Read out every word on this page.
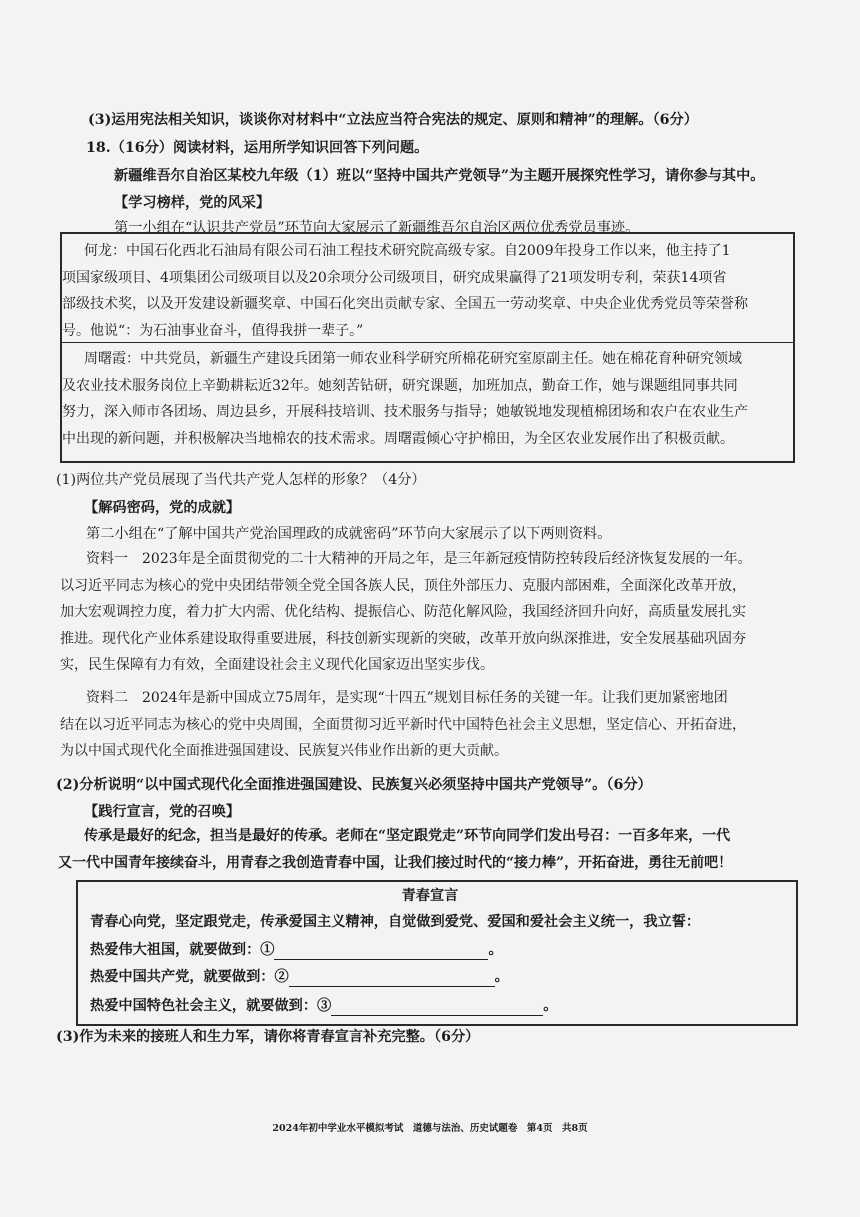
(3)运用宪法相关知识，谈谈你对材料中“立法应当符合宪法的规定、原则和精神”的理解。（6分）
18.（16分）阅读材料，运用所学知识回答下列问题。
新疆维吾尔自治区某校九年级（1）班以“坚持中国共产党领导”为主题开展探究性学习，请你参与其中。
【学习榜样，党的风采】
第一小组在“认识共产党员”环节向大家展示了新疆维吾尔自治区两位优秀党员事迹。
何龙：中国石化西北石油局有限公司石油工程技术研究院高级专家。自2009年投身工作以来，他主持了1
项国家级项目、4项集团公司级项目以及20余项分公司级项目，研究成果赢得了21项发明专利，荣获14项省
部级技术奖，以及开发建设新疆奖章、中国石化突出贡献专家、全国五一劳动奖章、中央企业优秀党员等荣誉称
号。他说“：为石油事业奋斗，值得我拼一辈子。”
周曙霞：中共党员，新疆生产建设兵团第一师农业科学研究所棉花研究室原副主任。她在棉花育种研究领域
及农业技术服务岗位上辛勤耕耘近32年。她刻苦钻研，研究课题，加班加点，勤奋工作，她与课题组同事共同
努力，深入师市各团场、周边县乡，开展科技培训、技术服务与指导；她敏锐地发现植棉团场和农户在农业生产
中出现的新问题，并积极解决当地棉农的技术需求。周曙霞倾心守护棉田，为全区农业发展作出了积极贡献。
(1)两位共产党员展现了当代共产党人怎样的形象？（4分）
【解码密码，党的成就】
第二小组在“了解中国共产党治国理政的成就密码”环节向大家展示了以下两则资料。
资料一　2023年是全面贯彻党的二十大精神的开局之年，是三年新冠疫情防控转段后经济恢复发展的一年。
以习近平同志为核心的党中央团结带领全党全国各族人民，顶住外部压力、克服内部困难，全面深化改革开放，
加大宏观调控力度，着力扩大内需、优化结构、提振信心、防范化解风险，我国经济回升向好，高质量发展扎实
推进。现代化产业体系建设取得重要进展，科技创新实现新的突破，改革开放向纵深推进，安全发展基础巩固夯
实，民生保障有力有效，全面建设社会主义现代化国家迈出坚实步伐。
资料二　2024年是新中国成立75周年，是实现“十四五”规划目标任务的关键一年。让我们更加紧密地团
结在以习近平同志为核心的党中央周围，全面贯彻习近平新时代中国特色社会主义思想，坚定信心、开拓奋进，
为以中国式现代化全面推进强国建设、民族复兴伟业作出新的更大贡献。
(2)分析说明“以中国式现代化全面推进强国建设、民族复兴必须坚持中国共产党领导”。（6分）
【践行宣言，党的召唤】
传承是最好的纪念，担当是最好的传承。老师在“坚定跟党走”环节向同学们发出号召：一百多年来，一代
又一代中国青年接续奋斗，用青春之我创造青春中国，让我们接过时代的“接力棒”，开拓奋进，勇往无前吧！
青春宣言
青春心向党，坚定跟党走，传承爱国主义精神，自觉做到爱党、爱国和爱社会主义统一，我立誓：
热爱伟大祖国，就要做到：①	。
热爱中国共产党，就要做到：②	。
热爱中国特色社会主义，就要做到：③	。
(3)作为未来的接班人和生力军，请你将青春宣言补充完整。（6分）
2024年初中学业水平模拟考试　道德与法治、历史试题卷　第4页　共8页
